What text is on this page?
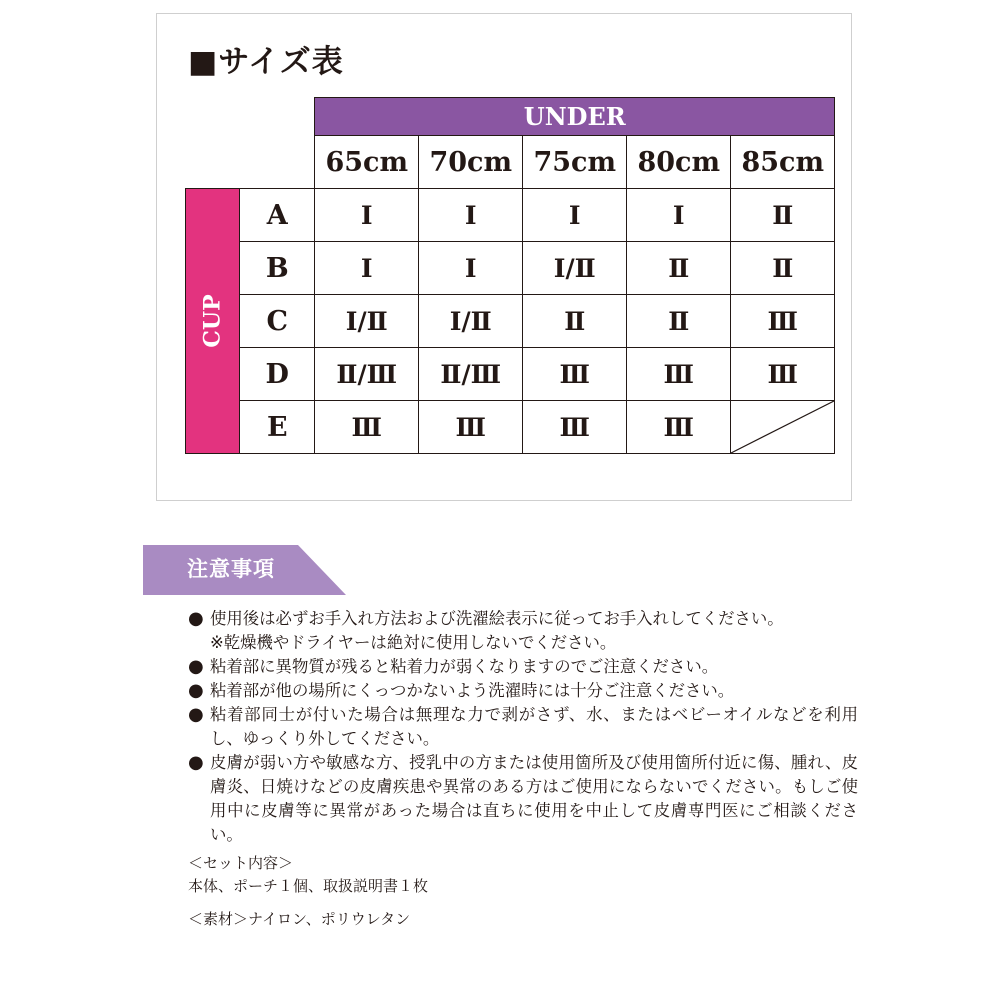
■サイズ表
		UNDER				
		65cm	70cm	75cm	80cm	85cm
CUP	A	Ⅰ	Ⅰ	Ⅰ	Ⅰ	Ⅱ
	B	Ⅰ	Ⅰ	Ⅰ/Ⅱ	Ⅱ	Ⅱ
	C	Ⅰ/Ⅱ	Ⅰ/Ⅱ	Ⅱ	Ⅱ	Ⅲ
	D	Ⅱ/Ⅲ	Ⅱ/Ⅲ	Ⅲ	Ⅲ	Ⅲ
	E	Ⅲ	Ⅲ	Ⅲ	Ⅲ	
注意事項
● 使用後は必ずお手入れ方法および洗濯絵表示に従ってお手入れしてください。
※乾燥機やドライヤーは絶対に使用しないでください。
● 粘着部に異物質が残ると粘着力が弱くなりますのでご注意ください。
● 粘着部が他の場所にくっつかないよう洗濯時には十分ご注意ください。
● 粘着部同士が付いた場合は無理な力で剥がさず、水、またはベビーオイルなどを利用し、ゆっくり外してください。
● 皮膚が弱い方や敏感な方、授乳中の方または使用箇所及び使用箇所付近に傷、腫れ、皮膚炎、日焼けなどの皮膚疾患や異常のある方はご使用にならないでください。もしご使用中に皮膚等に異常があった場合は直ちに使用を中止して皮膚専門医にご相談ください。
＜セット内容＞
本体、ポーチ１個、取扱説明書１枚
＜素材＞ナイロン、ポリウレタン
